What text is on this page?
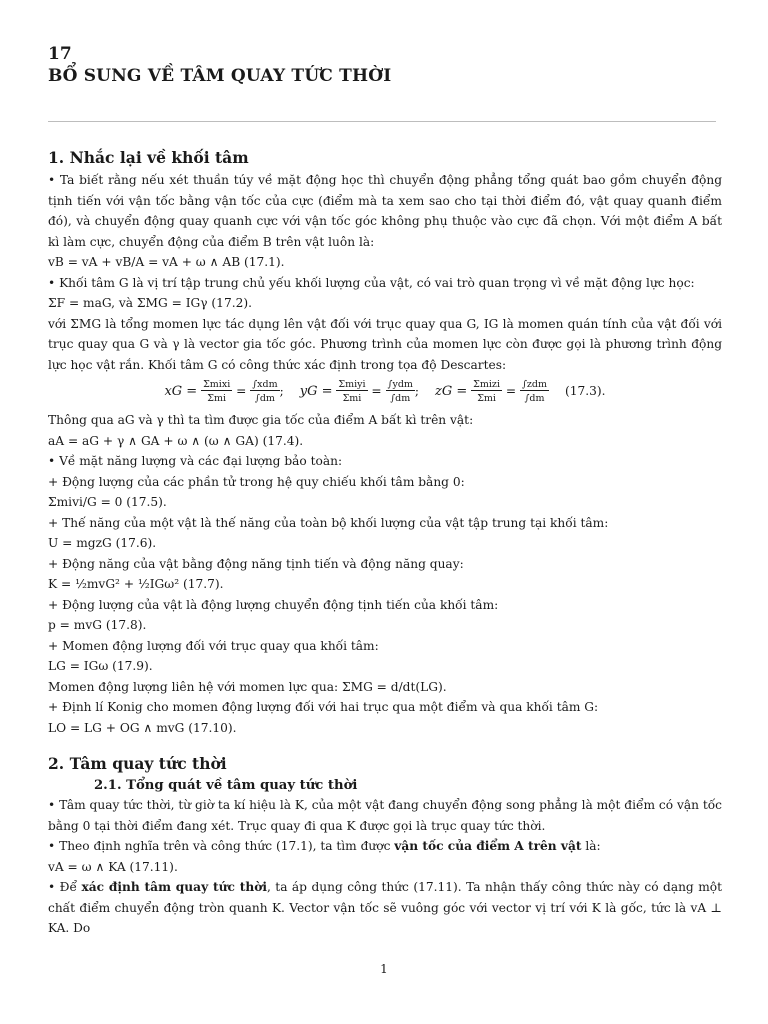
17
BỔ SUNG VỀ TÂM QUAY TỨC THỜI
1. Nhắc lại về khối tâm

• Ta biết rằng nếu xét thuần túy về mặt động học thì chuyển động phẳng tổng quát bao gồm chuyển động tịnh tiến với vận tốc bằng vận tốc của cực (điểm mà ta xem sao cho tại thời điểm đó, vật quay quanh điểm đó), và chuyển động quay quanh cực với vận tốc góc không phụ thuộc vào cực đã chọn. Với một điểm A bất kì làm cực, chuyển động của điểm B trên vật luôn là:

vB = vA + vB/A = vA + ω ∧ AB (17.1).

• Khối tâm G là vị trí tập trung chủ yếu khối lượng của vật, có vai trò quan trọng vì về mặt động lực học:

ΣF = maG, và ΣMG = IGγ (17.2).

với ΣMG là tổng momen lực tác dụng lên vật đối với trục quay qua G, IG là momen quán tính của vật đối với trục quay qua G và γ là vector gia tốc góc. Phương trình của momen lực còn được gọi là phương trình động lực học vật rắn. Khối tâm G có công thức xác định trong tọa độ Descartes:

xG = $\frac{\text{Σmixi}}{\text{Σmi}} = \frac{\text{∫xdm}}{\int dm}$ ; yG = $\frac{\text{Σmiyi}}{\text{Σmi}} = \frac{\text{∫ydm}}{\int dm}$ ; zG = $\frac{\text{Σmizi}}{\text{Σmi}} = \frac{\text{∫zdm}}{\int dm} (17.3)$.

Thông qua aG và γ thì ta tìm được gia tốc của điểm A bất kì trên vật:

aA = aG + γ ∧ GA + ω ∧ (ω ∧ GA) (17.4).

• Về mặt năng lượng và các đại lượng bảo toàn:

+ Động lượng của các phần tử trong hệ quy chiếu khối tâm bằng 0:

Σmivi/G = 0 (17.5).

+ Thế năng của một vật là thế năng của toàn bộ khối lượng của vật tập trung tại khối tâm:

U = mgzG (17.6).

+ Động năng của vật bằng động năng tịnh tiến và động năng quay:

K = ½mvG² + ½IGω² (17.7).

+ Động lượng của vật là động lượng chuyển động tịnh tiến của khối tâm:

p = mvG (17.8).

+ Momen động lượng đối với trục quay qua khối tâm:

LG = IGω (17.9).

Momen động lượng liên hệ với momen lực qua: ΣMG = d/dt(LG).

+ Định lí Konig cho momen động lượng đối với hai trục qua một điểm và qua khối tâm G:

LO = LG + OG ∧ mvG (17.10).

2. Tâm quay tức thời
2.1. Tổng quát về tâm quay tức thời

• Tâm quay tức thời, từ giờ ta kí hiệu là K, của một vật đang chuyển động song phẳng là một điểm có vận tốc bằng 0 tại thời điểm đang xét. Trục quay đi qua K được gọi là trục quay tức thời.

• Theo định nghĩa trên và công thức (17.1), ta tìm được vận tốc của điểm A trên vật là:

vA = ω ∧ KA (17.11).

• Để xác định tâm quay tức thời, ta áp dụng công thức (17.11). Ta nhận thấy công thức này có dạng một chất điểm chuyển động tròn quanh K. Vector vận tốc sẽ vuông góc với vector vị trí với K là gốc, tức là vA ⊥ KA. Do

1
